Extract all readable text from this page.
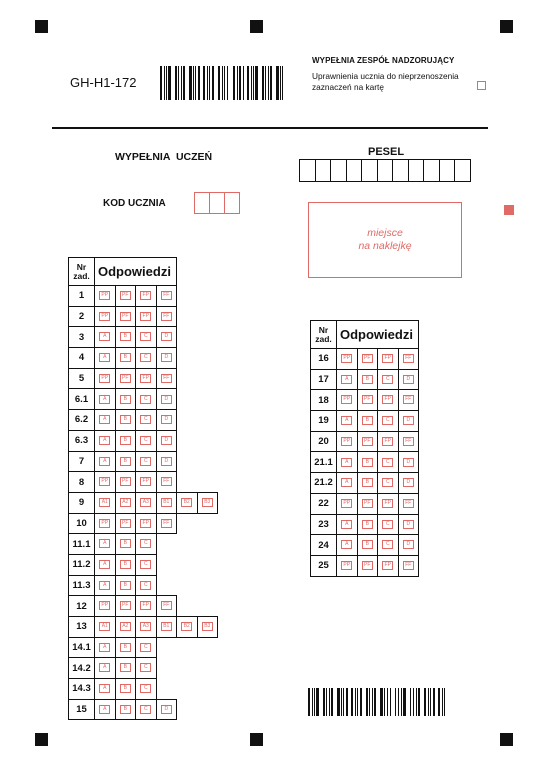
GH-H1-172
WYPEŁNIA ZESPÓŁ NADZORUJĄCY
Uprawnienia ucznia do nieprzenoszenia zaznaczeń na kartę
WYPEŁNIA UCZEŃ
KOD UCZNIA
PESEL
miejsce
na naklejkę
Nr
zad.	Odpowiedzi					
1	PP	PF	FP	FF		
2	PP	PF	FP	FF		
3	A	B	C	D		
4	A	B	C	D		
5	PP	PF	FP	FF		
6.1	A	B	C	D		
6.2	A	B	C	D		
6.3	A	B	C	D		
7	A	B	C	D		
8	PP	PF	FP	FF		
9	A1	A2	A3	B1	B2	B3
10	PP	PF	FP	FF		
11.1	A	B	C			
11.2	A	B	C			
11.3	A	B	C			
12	PP	PF	FP	FF		
13	A1	A2	A3	B1	B2	B3
14.1	A	B	C			
14.2	A	B	C			
14.3	A	B	C			
15	A	B	C	D		
Nr
zad.	Odpowiedzi			
16	PP	PF	FP	FF
17	A	B	C	D
18	PP	PF	FP	FF
19	A	B	C	D
20	PP	PF	FP	FF
21.1	A	B	C	D
21.2	A	B	C	D
22	PP	PF	FP	FF
23	A	B	C	D
24	A	B	C	D
25	PP	PF	FP	FF
